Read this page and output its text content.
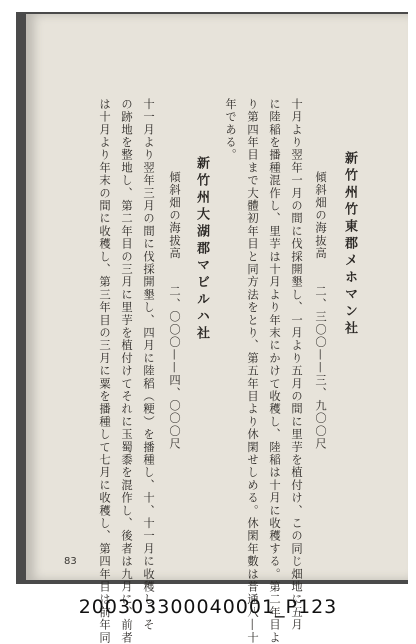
新竹州竹東郡メホマン社
傾斜畑の海抜高　　二、三〇〇——三、九〇〇尺
十月より翌年一月の間に伐採開墾し、一月より五月の間に里芋を植付け、この同じ畑地に五月
に陸稲を播種混作し、里芋は十月より年末にかけて收穫し、陸稲は十月に收穫する。第二年目よ
り第四年目まで大體初年目と同方法をとり、第五年目より休閑せしめる。休閑年數は普通八―十
年である。
新竹州大湖郡マビルハ社
傾斜畑の海拔高　　二、〇〇〇——四、〇〇〇尺
十一月より翌年三月の間に伐採開墾し、四月に陸稻（粳）を播種し、十、十一月に收穫し、そ
の跡地を整地し、第二年目の三月に里芋を植付けてそれに玉蜀黍を混作し、後者は九月に、前者
は十月より年末の間に收穫し、第三年目の三月に粟を播種して七月に收穫し、第四年目は前年同
83
200303300040001_P123
